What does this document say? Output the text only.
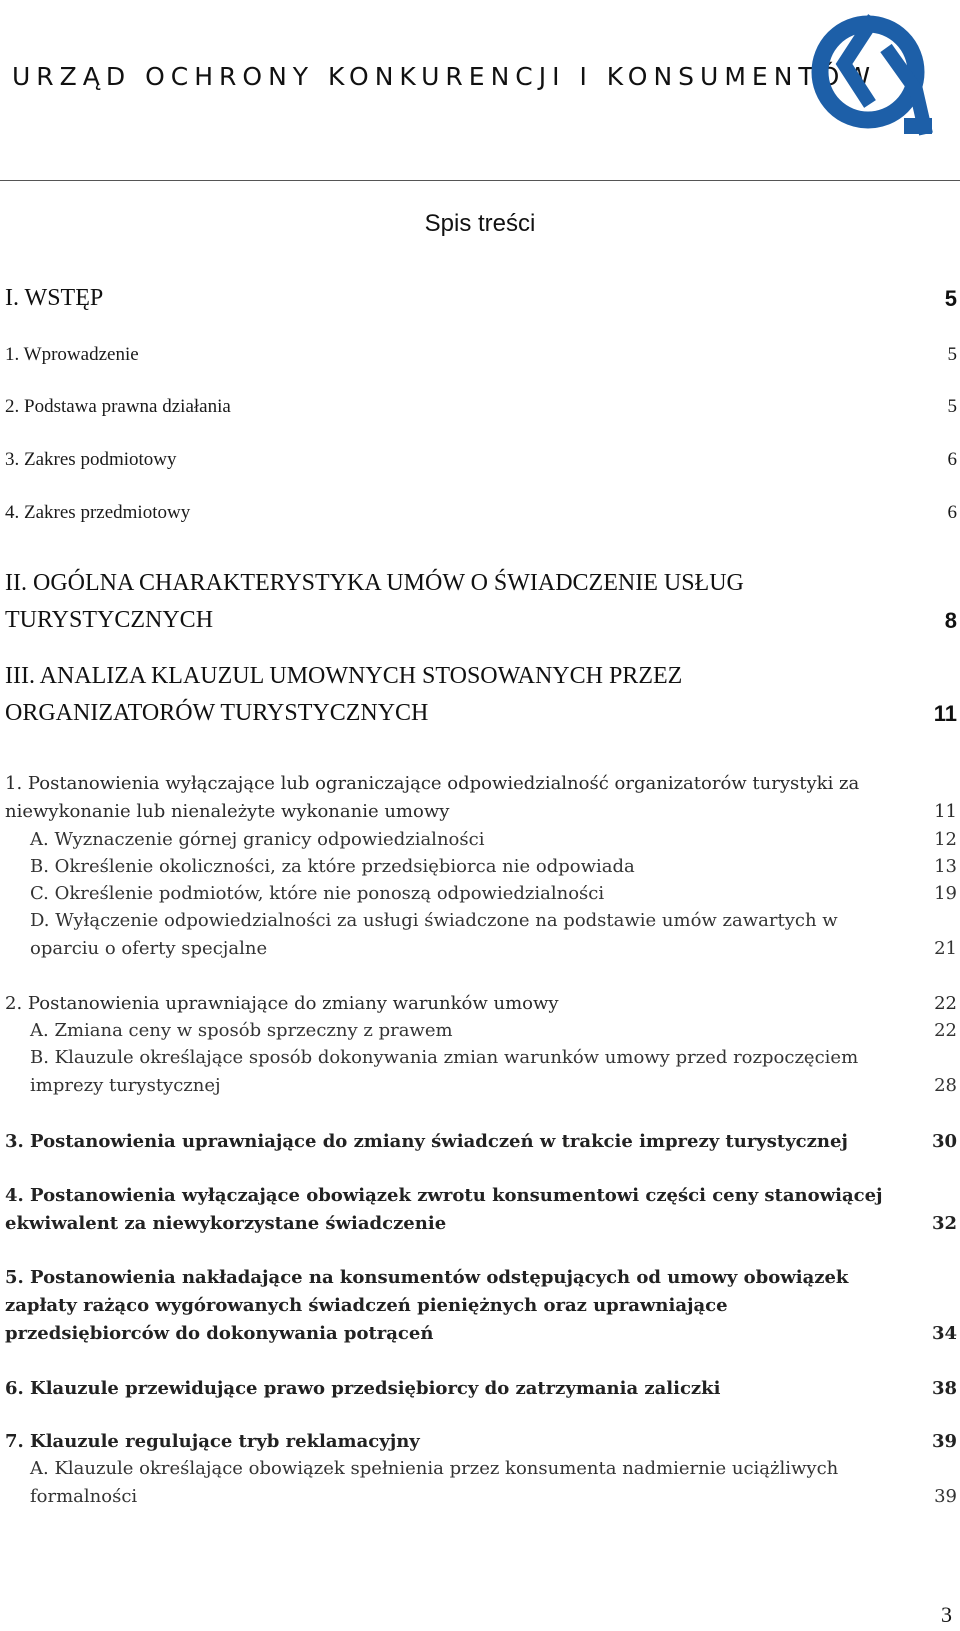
URZĄD OCHRONY KONKURENCJI I KONSUMENTÓW
Spis treści
I. WSTĘP	5
1. Wprowadzenie	5
2. Podstawa prawna działania	5
3. Zakres podmiotowy	6
4. Zakres przedmiotowy	6
II. OGÓLNA CHARAKTERYSTYKA UMÓW O ŚWIADCZENIE USŁUG TURYSTYCZNYCH	8
III. ANALIZA KLAUZUL UMOWNYCH STOSOWANYCH PRZEZ ORGANIZATORÓW TURYSTYCZNYCH	11
1. Postanowienia wyłączające lub ograniczające odpowiedzialność organizatorów turystyki za niewykonanie lub nienależyte wykonanie umowy	11
A. Wyznaczenie górnej granicy odpowiedzialności	12
B. Określenie okoliczności, za które przedsiębiorca nie odpowiada	13
C. Określenie podmiotów, które nie ponoszą odpowiedzialności	19
D. Wyłączenie odpowiedzialności za usługi świadczone na podstawie umów zawartych w oparciu o oferty specjalne	21
2. Postanowienia uprawniające do zmiany warunków umowy	22
A. Zmiana ceny w sposób sprzeczny z prawem	22
B. Klauzule określające sposób dokonywania zmian warunków umowy przed rozpoczęciem imprezy turystycznej	28
3. Postanowienia uprawniające do zmiany świadczeń w trakcie imprezy turystycznej	30
4. Postanowienia wyłączające obowiązek zwrotu konsumentowi części ceny stanowiącej ekwiwalent za niewykorzystane świadczenie	32
5. Postanowienia nakładające na konsumentów odstępujących od umowy obowiązek zapłaty rażąco wygórowanych świadczeń pieniężnych oraz uprawniające przedsiębiorców do dokonywania potrąceń	34
6. Klauzule przewidujące prawo przedsiębiorcy do zatrzymania zaliczki	38
7. Klauzule regulujące tryb reklamacyjny	39
A. Klauzule określające obowiązek spełnienia przez konsumenta nadmiernie uciążliwych formalności	39
3
